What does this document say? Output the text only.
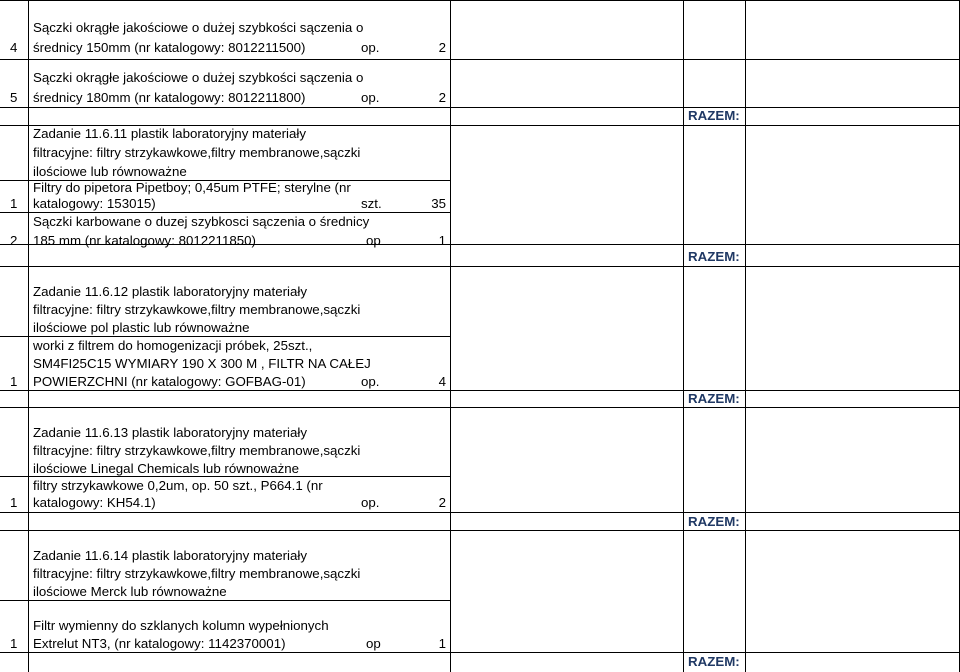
4
Sączki okrągłe jakościowe o dużej szybkości sączenia o
średnicy 150mm (nr katalogowy: 8012211500)	op.	2
5
Sączki okrągłe jakościowe o dużej szybkości sączenia o
średnicy 180mm (nr katalogowy: 8012211800)	op.	2
RAZEM:
Zadanie 11.6.11 plastik laboratoryjny materiały
filtracyjne: filtry strzykawkowe,filtry membranowe,sączki
ilościowe lub równoważne
1
Filtry do pipetora Pipetboy; 0,45um PTFE; sterylne (nr
katalogowy: 153015)	szt.	35
2
Sączki karbowane o duzej szybkosci sączenia o średnicy
185 mm (nr katalogowy: 8012211850)	op	1
RAZEM:
Zadanie 11.6.12 plastik laboratoryjny materiały
filtracyjne: filtry strzykawkowe,filtry membranowe,sączki
ilościowe pol plastic lub równoważne
1
worki z filtrem do homogenizacji próbek, 25szt.,
SM4FI25C15 WYMIARY 190 X 300 M , FILTR NA CAŁEJ
POWIERZCHNI (nr katalogowy: GOFBAG-01)	op.	4
RAZEM:
Zadanie 11.6.13 plastik laboratoryjny materiały
filtracyjne: filtry strzykawkowe,filtry membranowe,sączki
ilościowe Linegal Chemicals lub równoważne
1
filtry strzykawkowe 0,2um, op. 50 szt., P664.1 (nr
katalogowy: KH54.1)	op.	2
RAZEM:
Zadanie 11.6.14 plastik laboratoryjny materiały
filtracyjne: filtry strzykawkowe,filtry membranowe,sączki
ilościowe Merck lub równoważne
1
Filtr wymienny do szklanych kolumn wypełnionych
Extrelut NT3, (nr katalogowy: 1142370001)	op	1
RAZEM:
